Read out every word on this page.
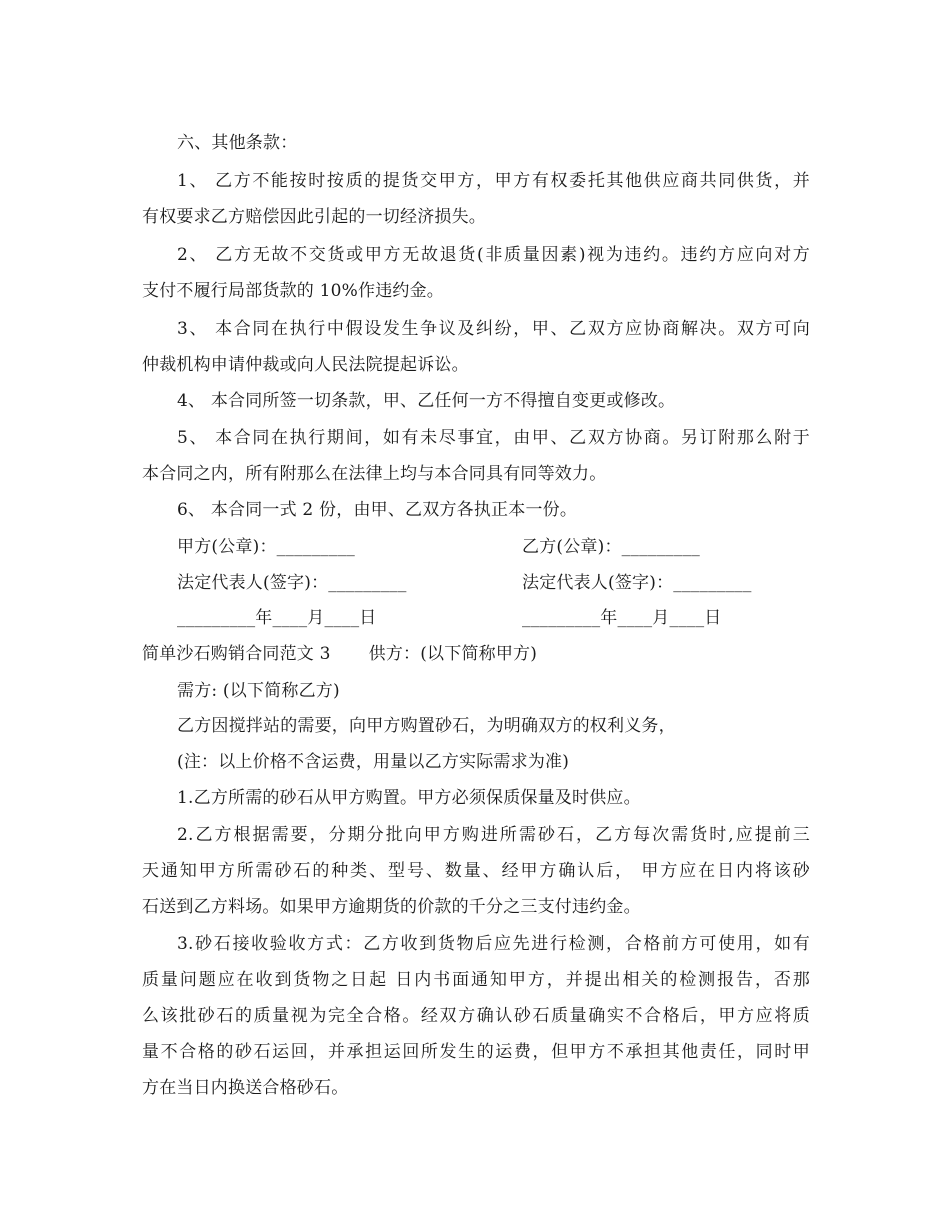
六、其他条款：
1、 乙方不能按时按质的提货交甲方，甲方有权委托其他供应商共同供货，并
有权要求乙方赔偿因此引起的一切经济损失。
2、 乙方无故不交货或甲方无故退货(非质量因素)视为违约。违约方应向对方
支付不履行局部货款的 10%作违约金。
3、 本合同在执行中假设发生争议及纠纷，甲、乙双方应协商解决。双方可向
仲裁机构申请仲裁或向人民法院提起诉讼。
4、 本合同所签一切条款，甲、乙任何一方不得擅自变更或修改。
5、 本合同在执行期间，如有未尽事宜，由甲、乙双方协商。另订附那么附于
本合同之内，所有附那么在法律上均与本合同具有同等效力。
6、 本合同一式 2 份，由甲、乙双方各执正本一份。
甲方(公章)：_________	乙方(公章)：_________
法定代表人(签字)：_________	法定代表人(签字)：_________
_________年____月____日	_________年____月____日
简单沙石购销合同范文 3 供方：(以下简称甲方)
需方: (以下简称乙方)
乙方因搅拌站的需要，向甲方购置砂石，为明确双方的权利义务，
(注：以上价格不含运费，用量以乙方实际需求为准)
1.乙方所需的砂石从甲方购置。甲方必须保质保量及时供应。
2.乙方根据需要，分期分批向甲方购进所需砂石，乙方每次需货时,应提前三
天通知甲方所需砂石的种类、型号、数量、经甲方确认后， 甲方应在日内将该砂
石送到乙方料场。如果甲方逾期货的价款的千分之三支付违约金。
3.砂石接收验收方式：乙方收到货物后应先进行检测，合格前方可使用，如有
质量问题应在收到货物之日起 日内书面通知甲方，并提出相关的检测报告，否那
么该批砂石的质量视为完全合格。经双方确认砂石质量确实不合格后，甲方应将质
量不合格的砂石运回，并承担运回所发生的运费，但甲方不承担其他责任，同时甲
方在当日内换送合格砂石。
